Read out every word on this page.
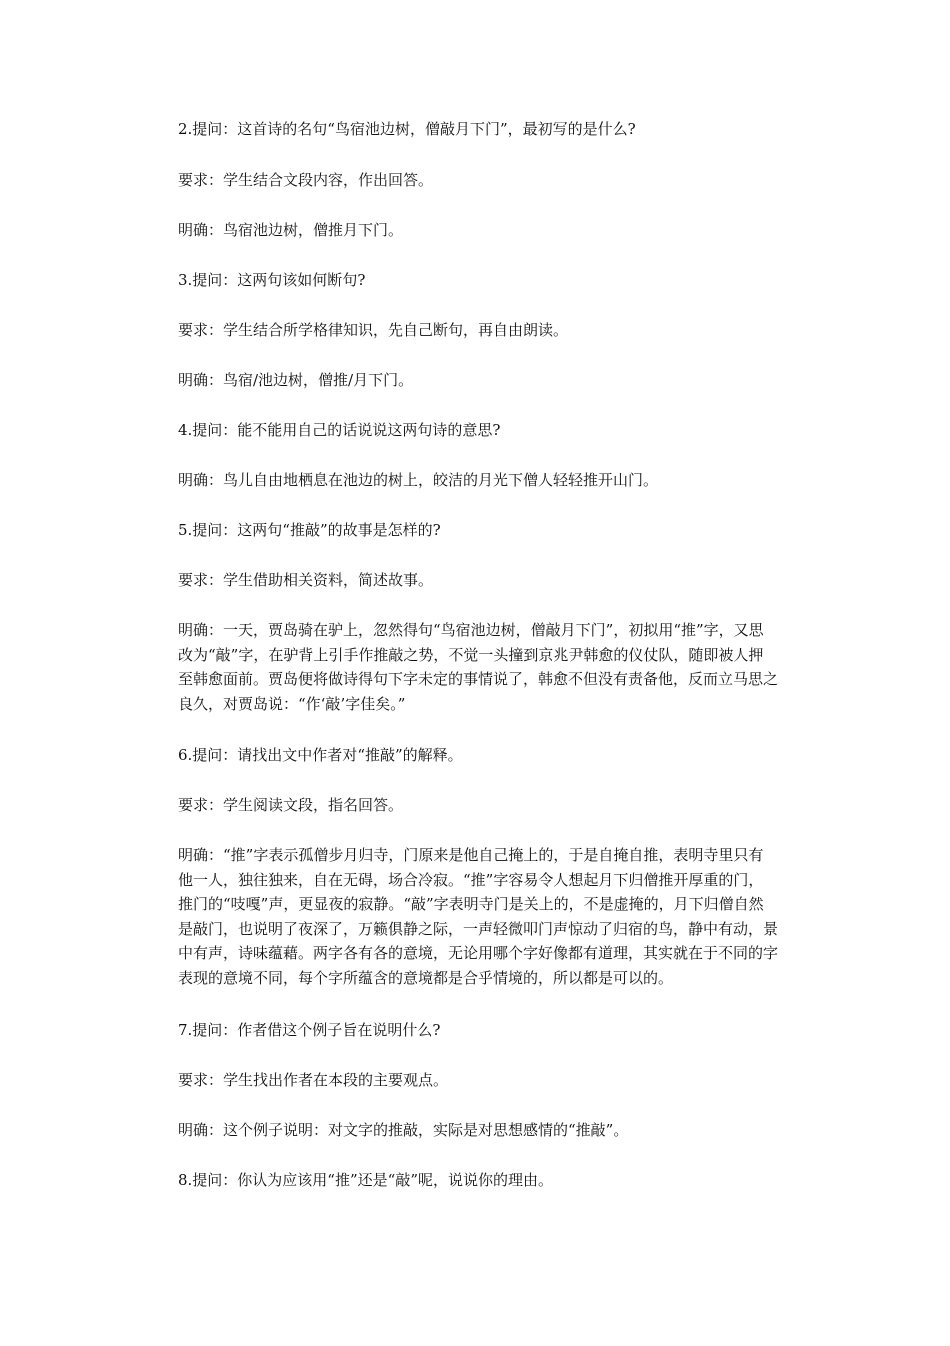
2.提问：这首诗的名句“鸟宿池边树，僧敲月下门”，最初写的是什么?

要求：学生结合文段内容，作出回答。

明确：鸟宿池边树，僧推月下门。

3.提问：这两句该如何断句?

要求：学生结合所学格律知识，先自己断句，再自由朗读。

明确：鸟宿/池边树，僧推/月下门。

4.提问：能不能用自己的话说说这两句诗的意思?

明确：鸟儿自由地栖息在池边的树上，皎洁的月光下僧人轻轻推开山门。

5.提问：这两句“推敲”的故事是怎样的?

要求：学生借助相关资料，简述故事。

明确：一天，贾岛骑在驴上，忽然得句“鸟宿池边树，僧敲月下门”，初拟用“推”字，又思改为“敲”字，在驴背上引手作推敲之势，不觉一头撞到京兆尹韩愈的仪仗队，随即被人押至韩愈面前。贾岛便将做诗得句下字未定的事情说了，韩愈不但没有责备他，反而立马思之良久，对贾岛说：“作‘敲’字佳矣。”

6.提问：请找出文中作者对“推敲”的解释。

要求：学生阅读文段，指名回答。

明确：“推”字表示孤僧步月归寺，门原来是他自己掩上的，于是自掩自推，表明寺里只有他一人，独往独来，自在无碍，场合冷寂。“推”字容易令人想起月下归僧推开厚重的门，推门的“吱嘎”声，更显夜的寂静。“敲”字表明寺门是关上的，不是虚掩的，月下归僧自然是敲门，也说明了夜深了，万籁俱静之际，一声轻微叩门声惊动了归宿的鸟，静中有动，景中有声，诗味蕴藉。两字各有各的意境，无论用哪个字好像都有道理，其实就在于不同的字表现的意境不同，每个字所蕴含的意境都是合乎情境的，所以都是可以的。

7.提问：作者借这个例子旨在说明什么?

要求：学生找出作者在本段的主要观点。

明确：这个例子说明：对文字的推敲，实际是对思想感情的“推敲”。

8.提问：你认为应该用“推”还是“敲”呢，说说你的理由。
